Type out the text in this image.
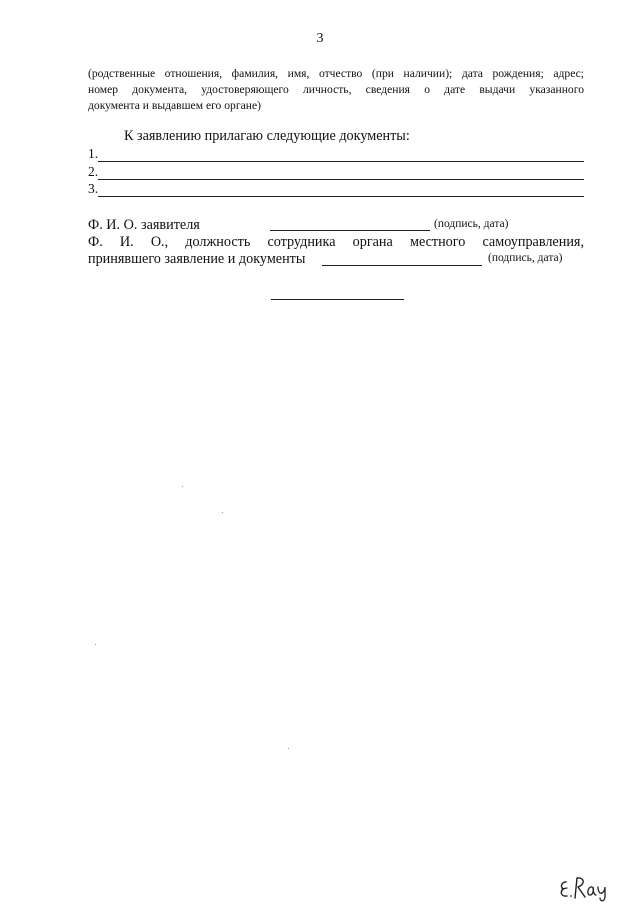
3
(родственные отношения, фамилия, имя, отчество (при наличии); дата рождения; адрес;
номер документа, удостоверяющего личность, сведения о дате выдачи указанного
документа и выдавшем его органе)
К заявлению прилагаю следующие документы:
1.
2.
3.
Ф. И. О. заявителя	(подпись, дата)
Ф. И. О., должность сотрудника органа местного самоуправления,
принявшего заявление и документы	(подпись, дата)
